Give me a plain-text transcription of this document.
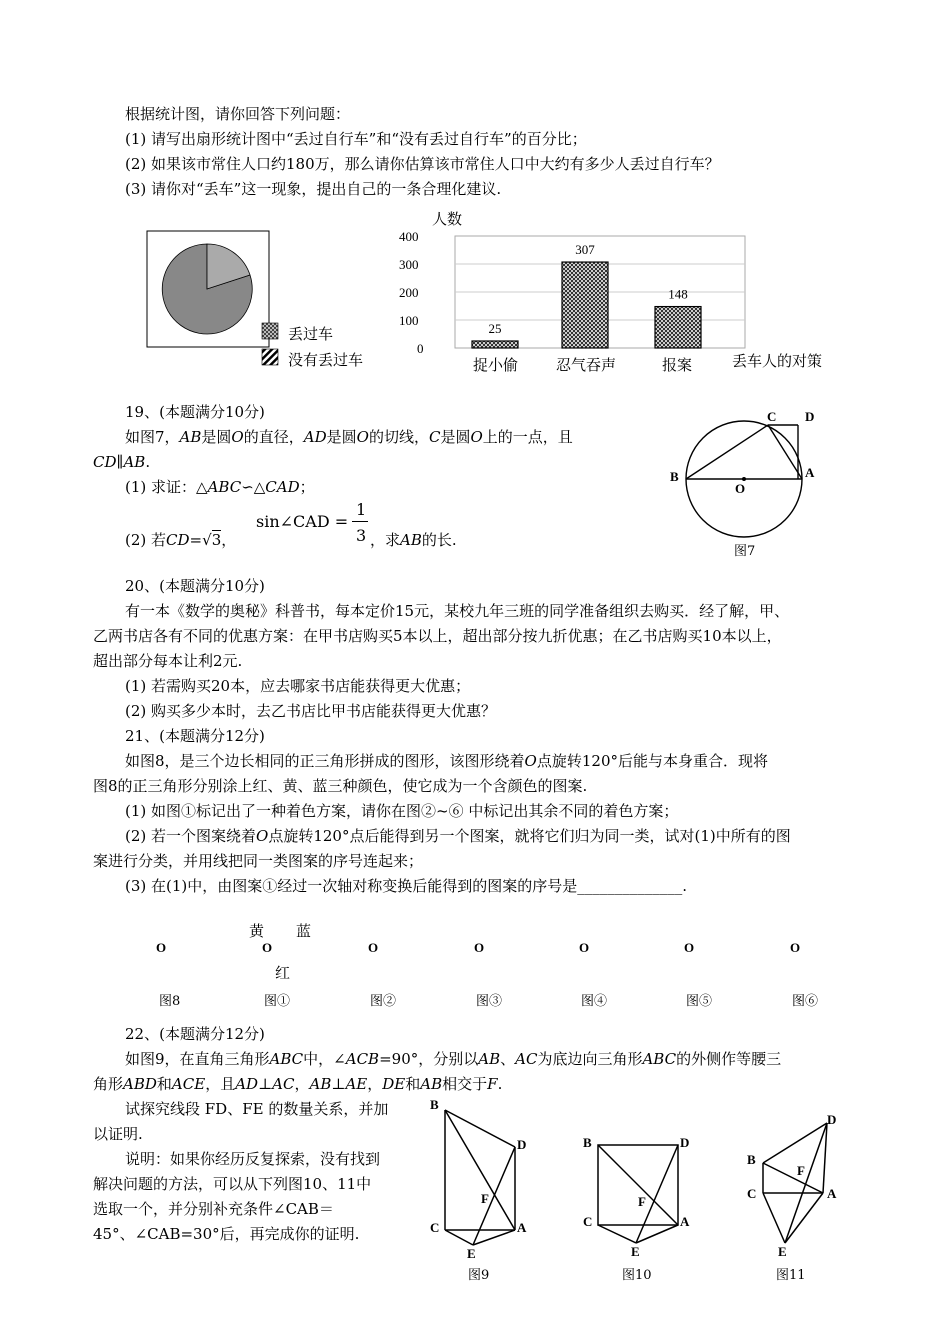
根据统计图，请你回答下列问题：
(1) 请写出扇形统计图中“丢过自行车”和“没有丢过自行车”的百分比；
(2) 如果该市常住人口约180万，那么请你估算该市常住人口中大约有多少人丢过自行车？
(3) 请你对“丢车”这一现象，提出自己的一条合理化建议.
丢过车
没有丢过车
25
307
148
人数
400
300
200
100
0
丢车人的对策
捉小偷	忍气吞声	报案
19、(本题满分10分)
如图7，AB是圆O的直径，AD是圆O的切线，C是圆O上的一点，且
CD∥AB.
(1) 求证：△ABC∽△CAD；
(2) 若CD=√3，
sin∠CAD =
1
3 ，求AB的长.
B
C D
A
O
图7
20、(本题满分10分)
有一本《数学的奥秘》科普书，每本定价15元，某校九年三班的同学准备组织去购买．经了解，甲、
乙两书店各有不同的优惠方案：在甲书店购买5本以上，超出部分按九折优惠；在乙书店购买10本以上，
超出部分每本让利2元.
(1) 若需购买20本，应去哪家书店能获得更大优惠；
(2) 购买多少本时，去乙书店比甲书店能获得更大优惠？
21、(本题满分12分)
如图8，是三个边长相同的正三角形拼成的图形，该图形绕着O点旋转120°后能与本身重合．现将
图8的正三角形分别涂上红、黄、蓝三种颜色，使它成为一个含颜色的图案.
(1) 如图①标记出了一种着色方案，请你在图②~⑥ 中标记出其余不同的着色方案；
(2) 若一个图案绕着O点旋转120°点后能得到另一个图案，就将它们归为同一类，试对(1)中所有的图
案进行分类，并用线把同一类图案的序号连起来；
(3) 在(1)中，由图案①经过一次轴对称变换后能得到的图案的序号是______________.
黄 蓝
红
O	O	O	O	O	O	O
图8	图①	图②	图③	图④	图⑤	图⑥
22、(本题满分12分)
如图9，在直角三角形ABC中，∠ACB=90°，分别以AB、AC为底边向三角形ABC的外侧作等腰三
角形ABD和ACE，且AD⊥AC，AB⊥AE，DE和AB相交于F.
试探究线段 FD、FE 的数量关系，并加
以证明.
说明：如果你经历反复探索，没有找到
解决问题的方法，可以从下列图10、11中
选取一个，并分别补充条件∠CAB＝
45°、∠CAB=30°后，再完成你的证明.
B
D
F
C	A
E
图9
B	D
F
C	A
E
图10
B
D
F
C	A
E
图11
